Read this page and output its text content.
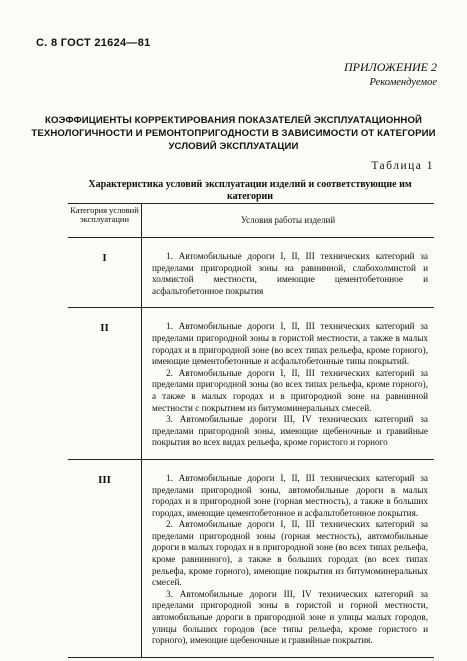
С. 8 ГОСТ 21624—81
ПРИЛОЖЕНИЕ 2
Рекомендуемое
КОЭФФИЦИЕНТЫ КОРРЕКТИРОВАНИЯ ПОКАЗАТЕЛЕЙ ЭКСПЛУАТАЦИОННОЙ ТЕХНОЛОГИЧНОСТИ И РЕМОНТОПРИГОДНОСТИ В ЗАВИСИМОСТИ ОТ КАТЕГОРИИ УСЛОВИЙ ЭКСПЛУАТАЦИИ
Таблица 1
Характеристика условий эксплуатации изделий и соответствующие им категории
Категория условий эксплуатации	Условия работы изделий
I	1. Автомобильные дороги I, II, III технических категорий за пределами пригородной зоны на равнинной, слабохолмистой и холмистой местности, имеющие цементобетонное и асфальтобетонное покрытия

II	1. Автомобильные дороги I, II, III технических категорий за пределами пригородной зоны в гористой местности, а также в малых городах и в пригородной зоне (во всех типах рельефа, кроме горного), имеющие цементобетонные и асфальтобетонные типы покрытий.

2. Автомобильные дороги I, II, III технических категорий за пределами пригородной зоны (во всех типах рельефа, кроме горного), а также в малых городах и в пригородной зоне на равнинной местности с покрытием из битумоминеральных смесей.

3. Автомобильные дороги III, IV технических категорий за пределами пригородной зоны, имеющие щебеночные и гравийные покрытия во всех видах рельефа, кроме гористого и горного

III	1. Автомобильные дороги I, II, III технических категорий за пределами пригородной зоны, автомобильные дороги в малых городах и в пригородной зоне (горная местность), а также в больших городах, имеющие цементобетонное и асфальтобетонное покрытия.

2. Автомобильные дороги I, II, III технических категорий за пределами пригородной зоны (горная местность), автомобильные дороги в малых городах и в пригородной зоне (во всех типах рельефа, кроме равнинного), а также в больших городах (во всех типах рельефа, кроме горного), имеющие покрытия из битумоминеральных смесей.

3. Автомобильные дороги III, IV технических категорий за пределами пригородной зоны в гористой и горной местности, автомобильные дороги в пригородной зоне и улицы малых городов, улицы больших городов (все типы рельефа, кроме гористого и горного), имеющие щебеночные и гравийные покрытия.
